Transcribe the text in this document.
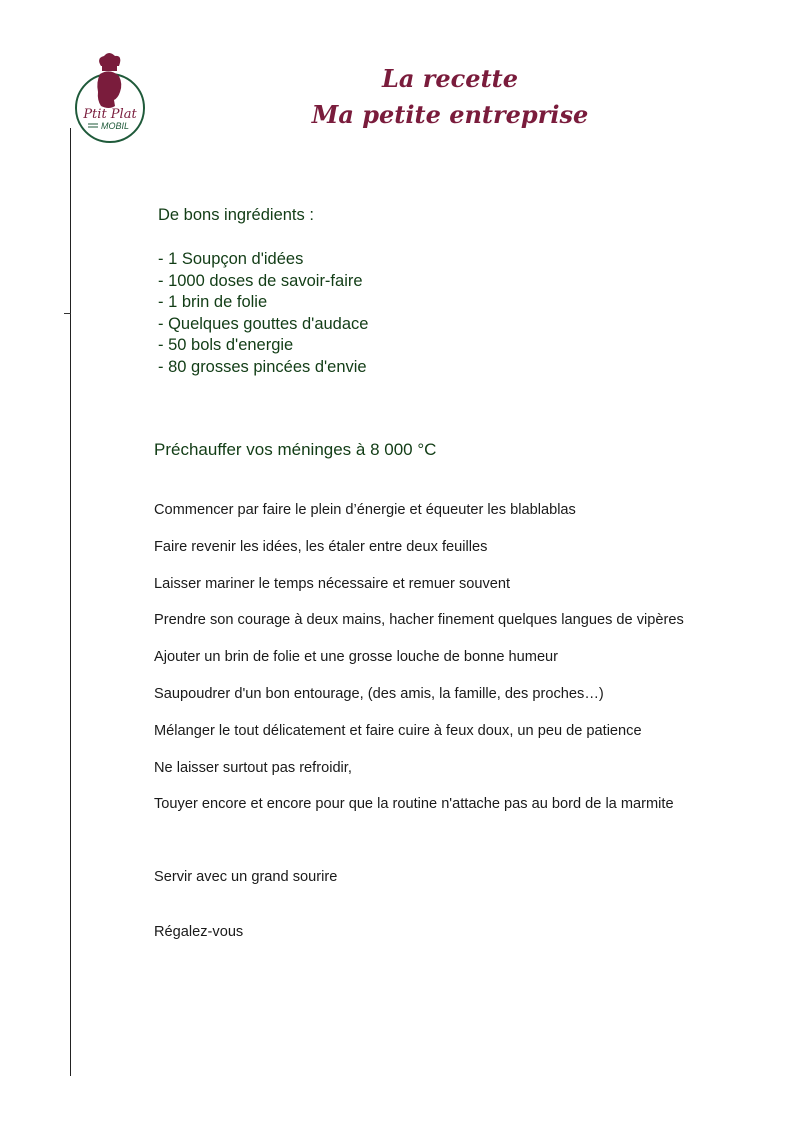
Ptit Plat
MOBIL
La recette
Ma petite entreprise

De bons ingrédients :

- 1 Soupçon d'idées
- 1000 doses de savoir-faire
- 1 brin de folie
- Quelques gouttes d'audace
- 50 bols d'energie
- 80 grosses pincées d'envie

Préchauffer vos méninges à 8 000 °C

Commencer par faire le plein d’énergie et équeuter les blablablas
Faire revenir les idées, les étaler entre deux feuilles
Laisser mariner le temps nécessaire et remuer souvent
Prendre son courage à deux mains, hacher finement quelques langues de vipères
Ajouter un brin de folie et une grosse louche de bonne humeur
Saupoudrer d'un bon entourage, (des amis, la famille, des proches…)
Mélanger le tout délicatement et faire cuire à feux doux, un peu de patience
Ne laisser surtout pas refroidir,
Touyer encore et encore pour que la routine n'attache pas au bord de la marmite

Servir avec un grand sourire

Régalez-vous
